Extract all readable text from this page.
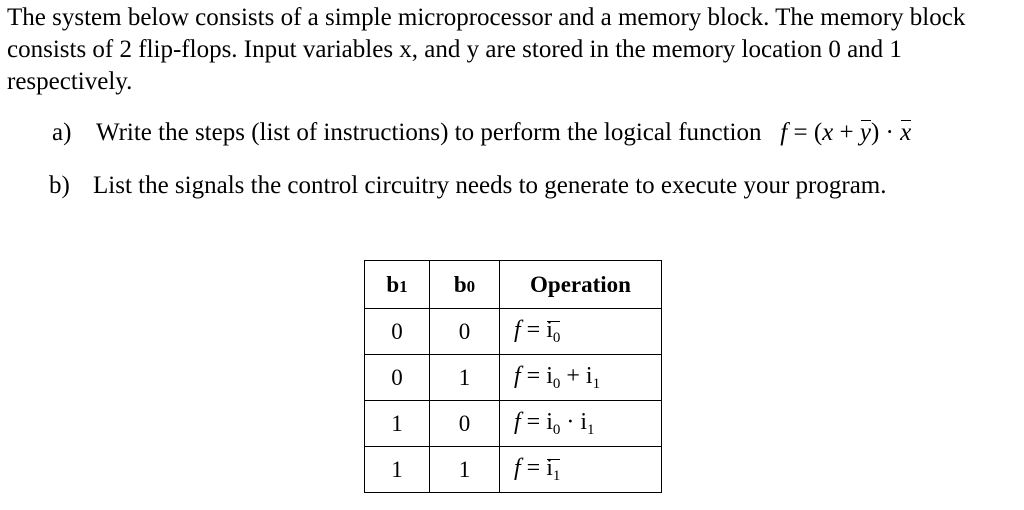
The system below consists of a simple microprocessor and a memory block. The memory block consists of 2 flip-flops. Input variables x, and y are stored in the memory location 0 and 1 respectively.

a) Write the steps (list of instructions) to perform the logical function f = (x + y) · x
b) List the signals the control circuitry needs to generate to execute your program.
b1	b0	Operation
0	0	$f = i_0$
0	1	$f = i_0 + i_1$
1	0	$f = i_0 \cdot i_1$
1	1	$f = i_1$
